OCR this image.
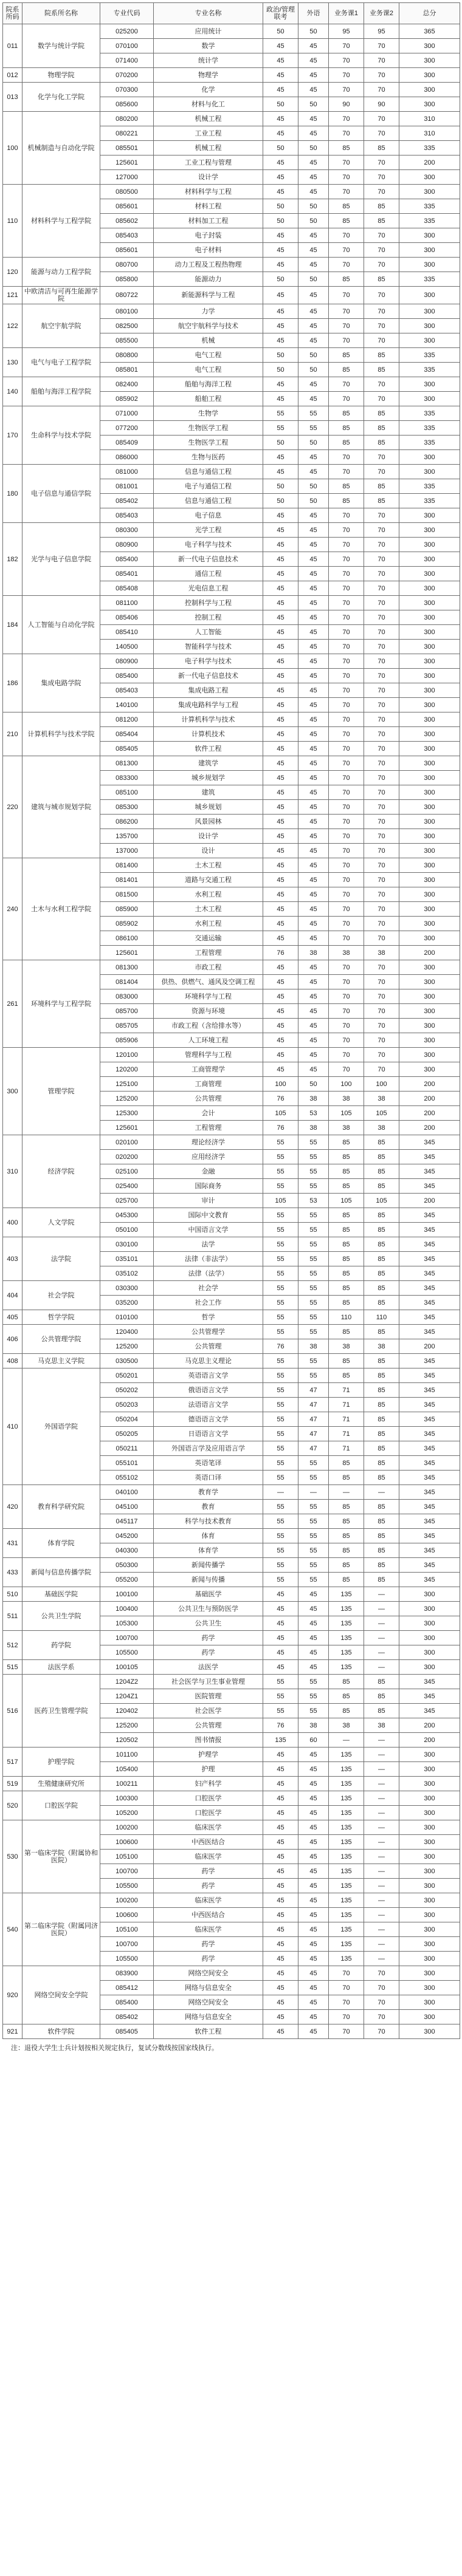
院系所码	院系所名称	专业代码	专业名称	政治/管理联考	外语	业务课1	业务课2	总分
011	数学与统计学院	025200	应用统计	50	50	95	95	365
		070100	数学	45	45	70	70	300
		071400	统计学	45	45	70	70	300
012	物理学院	070200	物理学	45	45	70	70	300
013	化学与化工学院	070300	化学	45	45	70	70	300
		085600	材料与化工	50	50	90	90	300
100	机械制造与自动化学院	080200	机械工程	45	45	70	70	310
		080221	工业工程	45	45	70	70	310
		085501	机械工程	50	50	85	85	335
		125601	工业工程与管理	45	45	70	70	200
		127000	设计学	45	45	70	70	300
110	材料科学与工程学院	080500	材料科学与工程	45	45	70	70	300
		085601	材料工程	50	50	85	85	335
		085602	材料加工工程	50	50	85	85	335
		085403	电子封装	45	45	70	70	300
		085601	电子材料	45	45	70	70	300
120	能源与动力工程学院	080700	动力工程及工程热物理	45	45	70	70	300
		085800	能源动力	50	50	85	85	335
121	中欧清洁与可再生能源学院	080722	新能源科学与工程	45	45	70	70	300
122	航空宇航学院	080100	力学	45	45	70	70	300
		082500	航空宇航科学与技术	45	45	70	70	300
		085500	机械	45	45	70	70	300
130	电气与电子工程学院	080800	电气工程	50	50	85	85	335
		085801	电气工程	50	50	85	85	335
140	船舶与海洋工程学院	082400	船舶与海洋工程	45	45	70	70	300
		085902	船舶工程	45	45	70	70	300
170	生命科学与技术学院	071000	生物学	55	55	85	85	335
		077200	生物医学工程	55	55	85	85	335
		085409	生物医学工程	50	50	85	85	335
		086000	生物与医药	45	45	70	70	300
180	电子信息与通信学院	081000	信息与通信工程	45	45	70	70	300
		081001	电子与通信工程	50	50	85	85	335
		085402	信息与通信工程	50	50	85	85	335
		085403	电子信息	45	45	70	70	300
182	光学与电子信息学院	080300	光学工程	45	45	70	70	300
		080900	电子科学与技术	45	45	70	70	300
		085400	新一代电子信息技术	45	45	70	70	300
		085401	通信工程	45	45	70	70	300
		085408	光电信息工程	45	45	70	70	300
184	人工智能与自动化学院	081100	控制科学与工程	45	45	70	70	300
		085406	控制工程	45	45	70	70	300
		085410	人工智能	45	45	70	70	300
		140500	智能科学与技术	45	45	70	70	300
186	集成电路学院	080900	电子科学与技术	45	45	70	70	300
		085400	新一代电子信息技术	45	45	70	70	300
		085403	集成电路工程	45	45	70	70	300
		140100	集成电路科学与工程	45	45	70	70	300
210	计算机科学与技术学院	081200	计算机科学与技术	45	45	70	70	300
		085404	计算机技术	45	45	70	70	300
		085405	软件工程	45	45	70	70	300
220	建筑与城市规划学院	081300	建筑学	45	45	70	70	300
		083300	城乡规划学	45	45	70	70	300
		085100	建筑	45	45	70	70	300
		085300	城乡规划	45	45	70	70	300
		086200	风景园林	45	45	70	70	300
		135700	设计学	45	45	70	70	300
		137000	设计	45	45	70	70	300
240	土木与水利工程学院	081400	土木工程	45	45	70	70	300
		081401	道路与交通工程	45	45	70	70	300
		081500	水利工程	45	45	70	70	300
		085900	土木工程	45	45	70	70	300
		085902	水利工程	45	45	70	70	300
		086100	交通运输	45	45	70	70	300
		125601	工程管理	76	38	38	38	200
261	环境科学与工程学院	081300	市政工程	45	45	70	70	300
		081404	供热、供燃气、通风及空调工程	45	45	70	70	300
		083000	环境科学与工程	45	45	70	70	300
		085700	资源与环境	45	45	70	70	300
		085705	市政工程（含给排水等）	45	45	70	70	300
		085906	人工环境工程	45	45	70	70	300
300	管理学院	120100	管理科学与工程	45	45	70	70	300
		120200	工商管理学	45	45	70	70	300
		125100	工商管理	100	50	100	100	200
		125200	公共管理	76	38	38	38	200
		125300	会计	105	53	105	105	200
		125601	工程管理	76	38	38	38	200
310	经济学院	020100	理论经济学	55	55	85	85	345
		020200	应用经济学	55	55	85	85	345
		025100	金融	55	55	85	85	345
		025400	国际商务	55	55	85	85	345
		025700	审计	105	53	105	105	200
400	人文学院	045300	国际中文教育	55	55	85	85	345
		050100	中国语言文学	55	55	85	85	345
403	法学院	030100	法学	55	55	85	85	345
		035101	法律（非法学）	55	55	85	85	345
		035102	法律（法学）	55	55	85	85	345
404	社会学院	030300	社会学	55	55	85	85	345
		035200	社会工作	55	55	85	85	345
405	哲学学院	010100	哲学	55	55	110	110	345
406	公共管理学院	120400	公共管理学	55	55	85	85	345
		125200	公共管理	76	38	38	38	200
408	马克思主义学院	030500	马克思主义理论	55	55	85	85	345
410	外国语学院	050201	英语语言文学	55	55	85	85	345
		050202	俄语语言文学	55	47	71	85	345
		050203	法语语言文学	55	47	71	85	345
		050204	德语语言文学	55	47	71	85	345
		050205	日语语言文学	55	47	71	85	345
		050211	外国语言学及应用语言学	55	47	71	85	345
		055101	英语笔译	55	55	85	85	345
		055102	英语口译	55	55	85	85	345
420	教育科学研究院	040100	教育学	—	—	—	—	345
		045100	教育	55	55	85	85	345
		045117	科学与技术教育	55	55	85	85	345
431	体育学院	045200	体育	55	55	85	85	345
		040300	体育学	55	55	85	85	345
433	新闻与信息传播学院	050300	新闻传播学	55	55	85	85	345
		055200	新闻与传播	55	55	85	85	345
510	基础医学院	100100	基础医学	45	45	135	—	300
511	公共卫生学院	100400	公共卫生与预防医学	45	45	135	—	300
		105300	公共卫生	45	45	135	—	300
512	药学院	100700	药学	45	45	135	—	300
		105500	药学	45	45	135	—	300
515	法医学系	100105	法医学	45	45	135	—	300
516	医药卫生管理学院	1204Z2	社会医学与卫生事业管理	55	55	85	85	345
		1204Z1	医院管理	55	55	85	85	345
		120402	社会医学	55	55	85	85	345
		125200	公共管理	76	38	38	38	200
		120502	图书情报	135	60	—	—	200
517	护理学院	101100	护理学	45	45	135	—	300
		105400	护理	45	45	135	—	300
519	生殖健康研究所	100211	妇产科学	45	45	135	—	300
520	口腔医学院	100300	口腔医学	45	45	135	—	300
		105200	口腔医学	45	45	135	—	300
530	第一临床学院（附属协和医院）	100200	临床医学	45	45	135	—	300
		100600	中西医结合	45	45	135	—	300
		105100	临床医学	45	45	135	—	300
		100700	药学	45	45	135	—	300
		105500	药学	45	45	135	—	300
540	第二临床学院（附属同济医院）	100200	临床医学	45	45	135	—	300
		100600	中西医结合	45	45	135	—	300
		105100	临床医学	45	45	135	—	300
		100700	药学	45	45	135	—	300
		105500	药学	45	45	135	—	300
920	网络空间安全学院	083900	网络空间安全	45	45	70	70	300
		085412	网络与信息安全	45	45	70	70	300
		085400	网络空间安全	45	45	70	70	300
		085402	网络与信息安全	45	45	70	70	300
921	软件学院	085405	软件工程	45	45	70	70	300
注：退役大学生士兵计划按相关规定执行，复试分数线按国家线执行。
